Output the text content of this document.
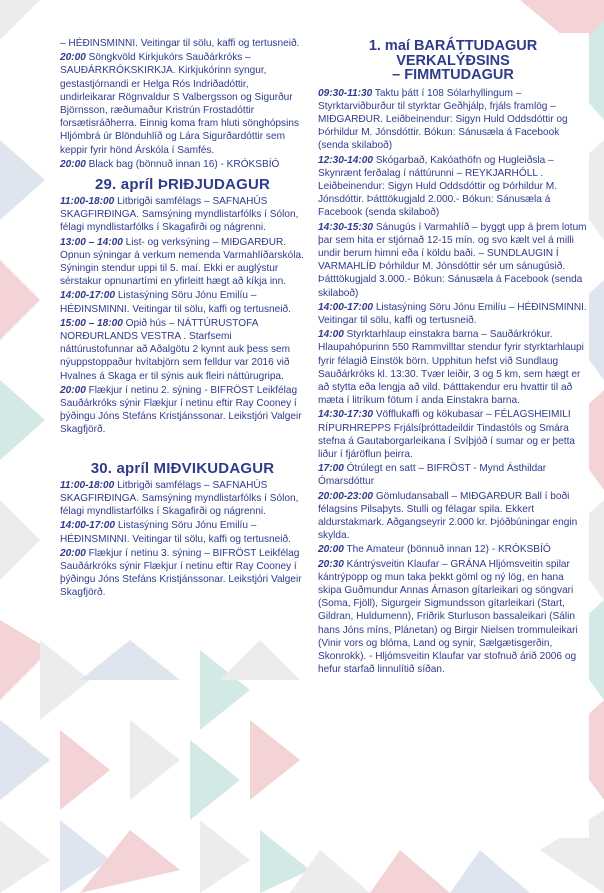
– HÉÐINSMINNI. Veitingar til sölu, kaffi og tertusneið.
20:00 Söngkvöld Kirkjukórs Sauðárkróks – SAUÐÁRKRÓKSKIRKJA. Kirkjukórinn syngur, gestastjórnandi er Helga Rós Indriðadóttir, undirleikarar Rögnvaldur S Valbergsson og Sigurður Björnsson, ræðumaður Kristrún Frostadóttir forsætisráðherra. Einnig koma fram hluti sönghópsins Hljómbrá úr Blönduhlíð og Lára Sigurðardóttir sem keppir fyrir hönd Árskóla í Samfés.
20:00 Black bag (bönnuð innan 16) - KRÓKSBÍÓ
29. apríl ÞRIÐJUDAGUR
11:00-18:00 Litbrigði samfélags – SAFNAHÚS SKAGFIRÐINGA. Samsýning myndlistarfólks í Sólon, félagi myndlistarfólks í Skagafirði og nágrenni.
13:00 – 14:00 List- og verksýning – MIÐGARÐUR. Opnun sýningar á verkum nemenda Varmahlíðarskóla. Sýningin stendur uppi til 5. maí. Ekki er auglýstur sérstakur opnunartími en yfirleitt hægt að kíkja inn.
14:00-17:00 Listasýning Söru Jónu Emilíu – HÉÐINSMINNI. Veitingar til sölu, kaffi og tertusneið.
15:00 – 18:00 Opið hús – NÁTTÚRUSTOFA NORÐURLANDS VESTRA . Starfsemi náttúrustofunnar að Aðalgötu 2 kynnt auk þess sem nýuppstoppaður hvítabjörn sem felldur var 2016 við Hvalnes á Skaga er til sýnis auk fleiri náttúrugripa.
20:00 Flækjur í netinu 2. sýning - BIFRÖST Leikfélag Sauðárkróks sýnir Flækjur í netinu eftir Ray Cooney í þýðingu Jóns Stefáns Kristjánssonar. Leikstjóri Valgeir Skagfjörð.
30. apríl MIÐVIKUDAGUR
11:00-18:00 Litbrigði samfélags – SAFNAHÚS SKAGFIRÐINGA. Samsýning myndlistarfólks í Sólon, félagi myndlistarfólks í Skagafirði og nágrenni.
14:00-17:00 Listasýning Söru Jónu Emilíu – HÉÐINSMINNI. Veitingar til sölu, kaffi og tertusneið.
20:00 Flækjur í netinu 3. sýning – BIFRÖST Leikfélag Sauðárkróks sýnir Flækjur í netinu eftir Ray Cooney í þýðingu Jóns Stefáns Kristjánssonar. Leikstjóri Valgeir Skagfjörð.
1. maí BARÁTTUDAGUR
VERKALÝÐSINS
– FIMMTUDAGUR
09:30-11:30 Taktu þátt í 108 Sólarhyllingum – Styrktarviðburður til styrktar Geðhjálp, frjáls framlög – MIÐGARÐUR. Leiðbeinendur: Sigyn Huld Oddsdóttir og Þórhildur M. Jónsdóttir. Bókun: Sánusæla á Facebook (senda skilaboð)
12:30-14:00 Skógarbað, Kakóathöfn og Hugleiðsla – Skynrænt ferðalag í náttúrunni – REYKJARHÓLL . Leiðbeinendur: Sigyn Huld Oddsdóttir og Þórhildur M. Jónsdóttir. Þátttökugjald 2.000.- Bókun: Sánusæla á Facebook (senda skilaboð)
14:30-15:30 Sánugús í Varmahlíð – byggt upp á þrem lotum þar sem hita er stjórnað 12-15 mín. og svo kælt vel á milli undir berum himni eða í köldu baði. – SUNDLAUGIN Í VARMAHLÍÐ Þórhildur M. Jónsdóttir sér um sánugúsið. Þátttökugjald 3.000.- Bókun: Sánusæla á Facebook (senda skilaboð)
14:00-17:00 Listasýning Söru Jónu Emilíu – HÉÐINSMINNI. Veitingar til sölu, kaffi og tertusneið.
14:00 Styrktarhlaup einstakra barna – Sauðárkrókur. Hlaupahópurinn 550 Rammvilltar stendur fyrir styrktarhlaupi fyrir félagið Einstök börn. Upphitun hefst við Sundlaug Sauðárkróks kl. 13:30. Tvær leiðir, 3 og 5 km, sem hægt er að stytta eða lengja að vild. Þátttakendur eru hvattir til að mæta í litríkum fötum í anda Einstakra barna.
14:30-17:30 Vöfflukaffi og kökubasar – FÉLAGSHEIMILI RÍPURHREPPS Frjálsíþróttadeildir Tindastóls og Smára stefna á Gautaborgarleikana í Svíþjóð í sumar og er þetta liður í fjáröflun þeirra.
17:00 Ótrúlegt en satt – BIFRÖST - Mynd Ásthildar Ómarsdóttur
20:00-23:00 Gömludansaball – MIÐGARÐUR Ball í boði félagsins Pilsaþyts. Stulli og félagar spila. Ekkert aldurstakmark. Aðgangseyrir 2.000 kr. Þjóðbúningar engin skylda.
20:00 The Amateur (bönnuð innan 12) - KRÓKSBÍÓ
20:30 Kántrýsveitin Klaufar – GRÁNA Hljómsveitin spilar kántrýpopp og mun taka þekkt göml og ný lög, en hana skipa Guðmundur Annas Árnason gítarleikari og söngvari (Soma, Fjöll), Sigurgeir Sigmundsson gítarleikari (Start, Gildran, Huldumenn), Friðrik Sturluson bassaleikari (Sálin hans Jóns míns, Plánetan) og Birgir Nielsen trommuleikari (Vinir vors og blóma, Land og synir, Sælgætisgerðin, Skonrokk). - Hljómsveitin Klaufar var stofnuð árið 2006 og hefur starfað linnulítið síðan.
